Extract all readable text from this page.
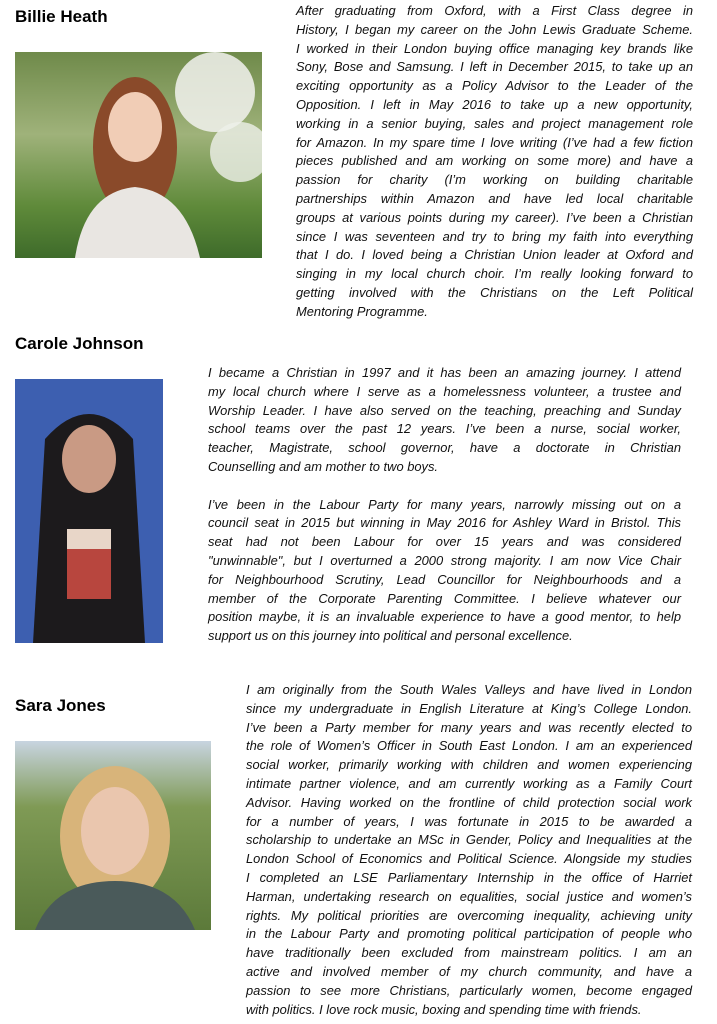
Billie Heath	After graduating from Oxford, with a First Class degree in
History, I began my career on the John Lewis Graduate Scheme.
I worked in their London buying office managing key brands like
Sony, Bose and Samsung. I left in December 2015, to take up an
exciting opportunity as a Policy Advisor to the Leader of the
Opposition. I left in May 2016 to take up a new opportunity,
working in a senior buying, sales and project management role
for Amazon. In my spare time I love writing (I’ve had a few fiction
pieces published and am working on some more) and have a
passion for charity (I’m working on building charitable
partnerships within Amazon and have led local charitable
groups at various points during my career). I’ve been a Christian
since I was seventeen and try to bring my faith into everything
that I do. I loved being a Christian Union leader at Oxford and
singing in my local church choir. I’m really looking forward to
getting involved with the Christians on the Left Political
Mentoring Programme.
Carole Johnson
I became a Christian in 1997 and it has been an amazing journey. I attend
my local church where I serve as a homelessness volunteer, a trustee and
Worship Leader. I have also served on the teaching, preaching and Sunday
school teams over the past 12 years. I’ve been a nurse, social worker,
teacher, Magistrate, school governor, have a doctorate in Christian
Counselling and am mother to two boys.
I’ve been in the Labour Party for many years, narrowly missing out on a
council seat in 2015 but winning in May 2016 for Ashley Ward in Bristol. This
seat had not been Labour for over 15 years and was considered
"unwinnable", but I overturned a 2000 strong majority. I am now Vice Chair
for Neighbourhood Scrutiny, Lead Councillor for Neighbourhoods and a
member of the Corporate Parenting Committee. I believe whatever our
position maybe, it is an invaluable experience to have a good mentor, to help
support us on this journey into political and personal excellence.
Sara Jones
I am originally from the South Wales Valleys and have lived in London
since my undergraduate in English Literature at King’s College London.
I’ve been a Party member for many years and was recently elected to
the role of Women’s Officer in South East London. I am an experienced
social worker, primarily working with children and women experiencing
intimate partner violence, and am currently working as a Family Court
Advisor. Having worked on the frontline of child protection social work
for a number of years, I was fortunate in 2015 to be awarded a
scholarship to undertake an MSc in Gender, Policy and Inequalities at the
London School of Economics and Political Science. Alongside my studies
I completed an LSE Parliamentary Internship in the office of Harriet
Harman, undertaking research on equalities, social justice and women’s
rights. My political priorities are overcoming inequality, achieving unity
in the Labour Party and promoting political participation of people who
have traditionally been excluded from mainstream politics. I am an
active and involved member of my church community, and have a
passion to see more Christians, particularly women, become engaged
with politics. I love rock music, boxing and spending time with friends.
